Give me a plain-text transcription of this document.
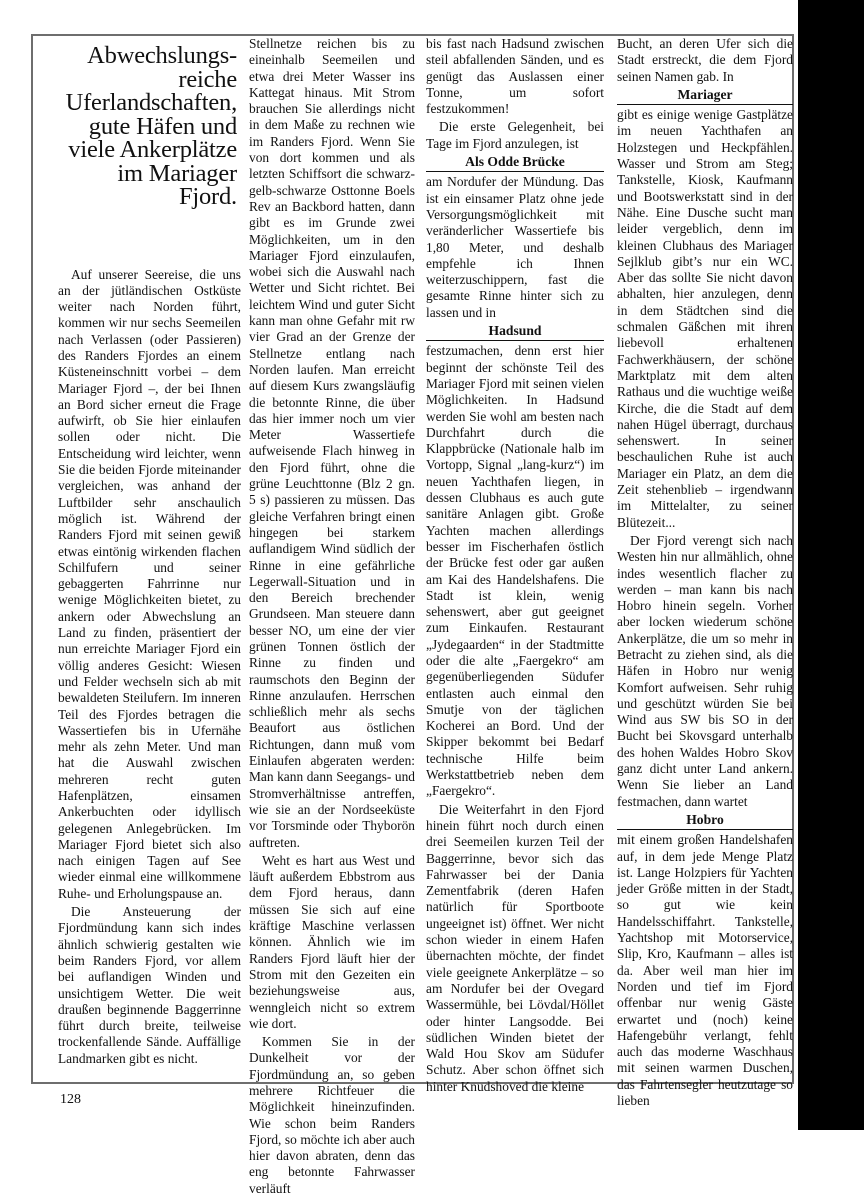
Abwechslungs-reiche Uferlandschaften, gute Häfen und viele Ankerplätze im Mariager Fjord.

Auf unserer Seereise, die uns an der jütländischen Ostküste weiter nach Norden führt, kommen wir nur sechs Seemeilen nach Verlassen (oder Passieren) des Randers Fjordes an einem Küsteneinschnitt vorbei – dem Mariager Fjord –, der bei Ihnen an Bord sicher erneut die Frage aufwirft, ob Sie hier einlaufen sollen oder nicht. Die Entscheidung wird leichter, wenn Sie die beiden Fjorde miteinander vergleichen, was anhand der Luftbilder sehr anschaulich möglich ist. Während der Randers Fjord mit seinen gewiß etwas eintönig wirkenden flachen Schilfufern und seiner gebaggerten Fahrrinne nur wenige Möglichkeiten bietet, zu ankern oder Abwechslung an Land zu finden, präsentiert der nun erreichte Mariager Fjord ein völlig anderes Gesicht: Wiesen und Felder wechseln sich ab mit bewaldeten Steilufern. Im inneren Teil des Fjordes betragen die Wassertiefen bis in Ufernähe mehr als zehn Meter. Und man hat die Auswahl zwischen mehreren recht guten Hafenplätzen, einsamen Ankerbuchten oder idyllisch gelegenen Anlegebrücken. Im Mariager Fjord bietet sich also nach einigen Tagen auf See wieder einmal eine willkommene Ruhe- und Erholungspause an.

Die Ansteuerung der Fjordmündung kann sich indes ähnlich schwierig gestalten wie beim Randers Fjord, vor allem bei auflandigen Winden und unsichtigem Wetter. Die weit draußen beginnende Baggerrinne führt durch breite, teilweise trockenfallende Sände. Auffällige Landmarken gibt es nicht.

Stellnetze reichen bis zu eineinhalb Seemeilen und etwa drei Meter Wasser ins Kattegat hinaus. Mit Strom brauchen Sie allerdings nicht in dem Maße zu rechnen wie im Randers Fjord. Wenn Sie von dort kommen und als letzten Schiffsort die schwarz-gelb-schwarze Osttonne Boels Rev an Backbord hatten, dann gibt es im Grunde zwei Möglichkeiten, um in den Mariager Fjord einzulaufen, wobei sich die Auswahl nach Wetter und Sicht richtet. Bei leichtem Wind und guter Sicht kann man ohne Gefahr mit rw vier Grad an der Grenze der Stellnetze entlang nach Norden laufen. Man erreicht auf diesem Kurs zwangsläufig die betonnte Rinne, die über das hier immer noch um vier Meter Wassertiefe aufweisende Flach hinweg in den Fjord führt, ohne die grüne Leuchttonne (Blz 2 gn. 5 s) passieren zu müssen. Das gleiche Verfahren bringt einen hingegen bei starkem auflandigem Wind südlich der Rinne in eine gefährliche Legerwall-Situation und in den Bereich brechender Grundseen. Man steuere dann besser NO, um eine der vier grünen Tonnen östlich der Rinne zu finden und raumschots den Beginn der Rinne anzulaufen. Herrschen schließlich mehr als sechs Beaufort aus östlichen Richtungen, dann muß vom Einlaufen abgeraten werden: Man kann dann Seegangs- und Stromverhältnisse antreffen, wie sie an der Nordseeküste vor Torsminde oder Thyborön auftreten.

Weht es hart aus West und läuft außerdem Ebbstrom aus dem Fjord heraus, dann müssen Sie sich auf eine kräftige Maschine verlassen können. Ähnlich wie im Randers Fjord läuft hier der Strom mit den Gezeiten ein beziehungsweise aus, wenngleich nicht so extrem wie dort.

Kommen Sie in der Dunkelheit vor der Fjordmündung an, so geben mehrere Richtfeuer die Möglichkeit hineinzufinden. Wie schon beim Randers Fjord, so möchte ich aber auch hier davon abraten, denn das eng betonnte Fahrwasser verläuft

bis fast nach Hadsund zwischen steil abfallenden Sänden, und es genügt das Auslassen einer Tonne, um sofort festzukommen!

Die erste Gelegenheit, bei Tage im Fjord anzulegen, ist

Als Odde Brücke

am Nordufer der Mündung. Das ist ein einsamer Platz ohne jede Versorgungsmöglichkeit mit veränderlicher Wassertiefe bis 1,80 Meter, und deshalb empfehle ich Ihnen weiterzuschippern, fast die gesamte Rinne hinter sich zu lassen und in

Hadsund

festzumachen, denn erst hier beginnt der schönste Teil des Mariager Fjord mit seinen vielen Möglichkeiten. In Hadsund werden Sie wohl am besten nach Durchfahrt durch die Klappbrücke (Nationale halb im Vortopp, Signal „lang-kurz“) im neuen Yachthafen liegen, in dessen Clubhaus es auch gute sanitäre Anlagen gibt. Große Yachten machen allerdings besser im Fischerhafen östlich der Brücke fest oder gar außen am Kai des Handelshafens. Die Stadt ist klein, wenig sehenswert, aber gut geeignet zum Einkaufen. Restaurant „Jydegaarden“ in der Stadtmitte oder die alte „Faergekro“ am gegenüberliegenden Südufer entlasten auch einmal den Smutje von der täglichen Kocherei an Bord. Und der Skipper bekommt bei Bedarf technische Hilfe beim Werkstattbetrieb neben dem „Faergekro“.

Die Weiterfahrt in den Fjord hinein führt noch durch einen drei Seemeilen kurzen Teil der Baggerrinne, bevor sich das Fahrwasser bei der Dania Zementfabrik (deren Hafen natürlich für Sportboote ungeeignet ist) öffnet. Wer nicht schon wieder in einem Hafen übernachten möchte, der findet viele geeignete Ankerplätze – so am Nordufer bei der Ovegard Wassermühle, bei Lövdal/Höllet oder hinter Langsodde. Bei südlichen Winden bietet der Wald Hou Skov am Südufer Schutz. Aber schon öffnet sich hinter Knudshoved die kleine

Bucht, an deren Ufer sich die Stadt erstreckt, die dem Fjord seinen Namen gab. In

Mariager

gibt es einige wenige Gastplätze im neuen Yachthafen an Holzstegen und Heckpfählen. Wasser und Strom am Steg; Tankstelle, Kiosk, Kaufmann und Bootswerkstatt sind in der Nähe. Eine Dusche sucht man leider vergeblich, denn im kleinen Clubhaus des Mariager Sejlklub gibt’s nur ein WC. Aber das sollte Sie nicht davon abhalten, hier anzulegen, denn in dem Städtchen sind die schmalen Gäßchen mit ihren liebevoll erhaltenen Fachwerkhäusern, der schöne Marktplatz mit dem alten Rathaus und die wuchtige weiße Kirche, die die Stadt auf dem nahen Hügel überragt, durchaus sehenswert. In seiner beschaulichen Ruhe ist auch Mariager ein Platz, an dem die Zeit stehenblieb – irgendwann im Mittelalter, zu seiner Blütezeit...

Der Fjord verengt sich nach Westen hin nur allmählich, ohne indes wesentlich flacher zu werden – man kann bis nach Hobro hinein segeln. Vorher aber locken wiederum schöne Ankerplätze, die um so mehr in Betracht zu ziehen sind, als die Häfen in Hobro nur wenig Komfort aufweisen. Sehr ruhig und geschützt würden Sie bei Wind aus SW bis SO in der Bucht bei Skovsgard unterhalb des hohen Waldes Hobro Skov ganz dicht unter Land ankern. Wenn Sie lieber an Land festmachen, dann wartet

Hobro

mit einem großen Handelshafen auf, in dem jede Menge Platz ist. Lange Holzpiers für Yachten jeder Größe mitten in der Stadt, so gut wie kein Handelsschiffahrt. Tankstelle, Yachtshop mit Motorservice, Slip, Kro, Kaufmann – alles ist da. Aber weil man hier im Norden und tief im Fjord offenbar nur wenig Gäste erwartet und (noch) keine Hafengebühr verlangt, fehlt auch das moderne Waschhaus mit seinen warmen Duschen, das Fahrtensegler heutzutage so lieben

128
